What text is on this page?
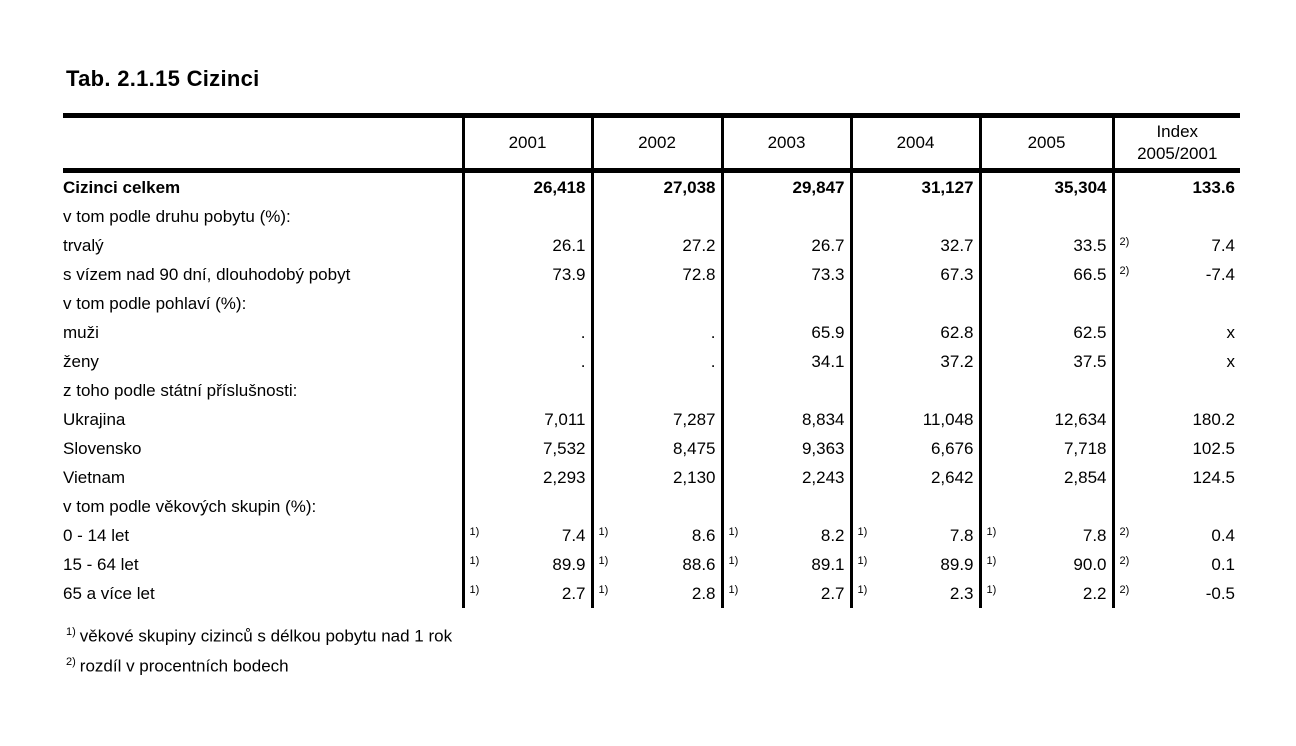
Tab. 2.1.15 Cizinci
	2001	2002	2003	2004	2005	Index
2005/2001

Cizinci celkem	26,418	27,038	29,847	31,127	35,304	133.6

v tom podle druhu pobytu (%):	

trvalý	26.1	27.2	26.7	32.7	33.5	2) 7.4

s vízem nad 90 dní, dlouhodobý pobyt	73.9	72.8	73.3	67.3	66.5	2) -7.4

v tom podle pohlaví (%):	

muži	.	.	65.9	62.8	62.5	x

ženy	.	.	34.1	37.2	37.5	x

z toho podle státní příslušnosti:	

Ukrajina	7,011	7,287	8,834	11,048	12,634	180.2

Slovensko	7,532	8,475	9,363	6,676	7,718	102.5

Vietnam	2,293	2,130	2,243	2,642	2,854	124.5

v tom podle věkových skupin (%):	

0 - 14 let	1) 7.4	1) 8.6	1) 8.2	1) 7.8	1) 7.8	2) 0.4

15 - 64 let	1) 89.9	1) 88.6	1) 89.1	1) 89.9	1) 90.0	2) 0.1

65 a více let	1) 2.7	1) 2.8	1) 2.7	1) 2.3	1) 2.2	2) -0.5
$^{1)}$ věkové skupiny cizinců s délkou pobytu nad 1 rok
$^{2)}$ rozdíl v procentních bodech
